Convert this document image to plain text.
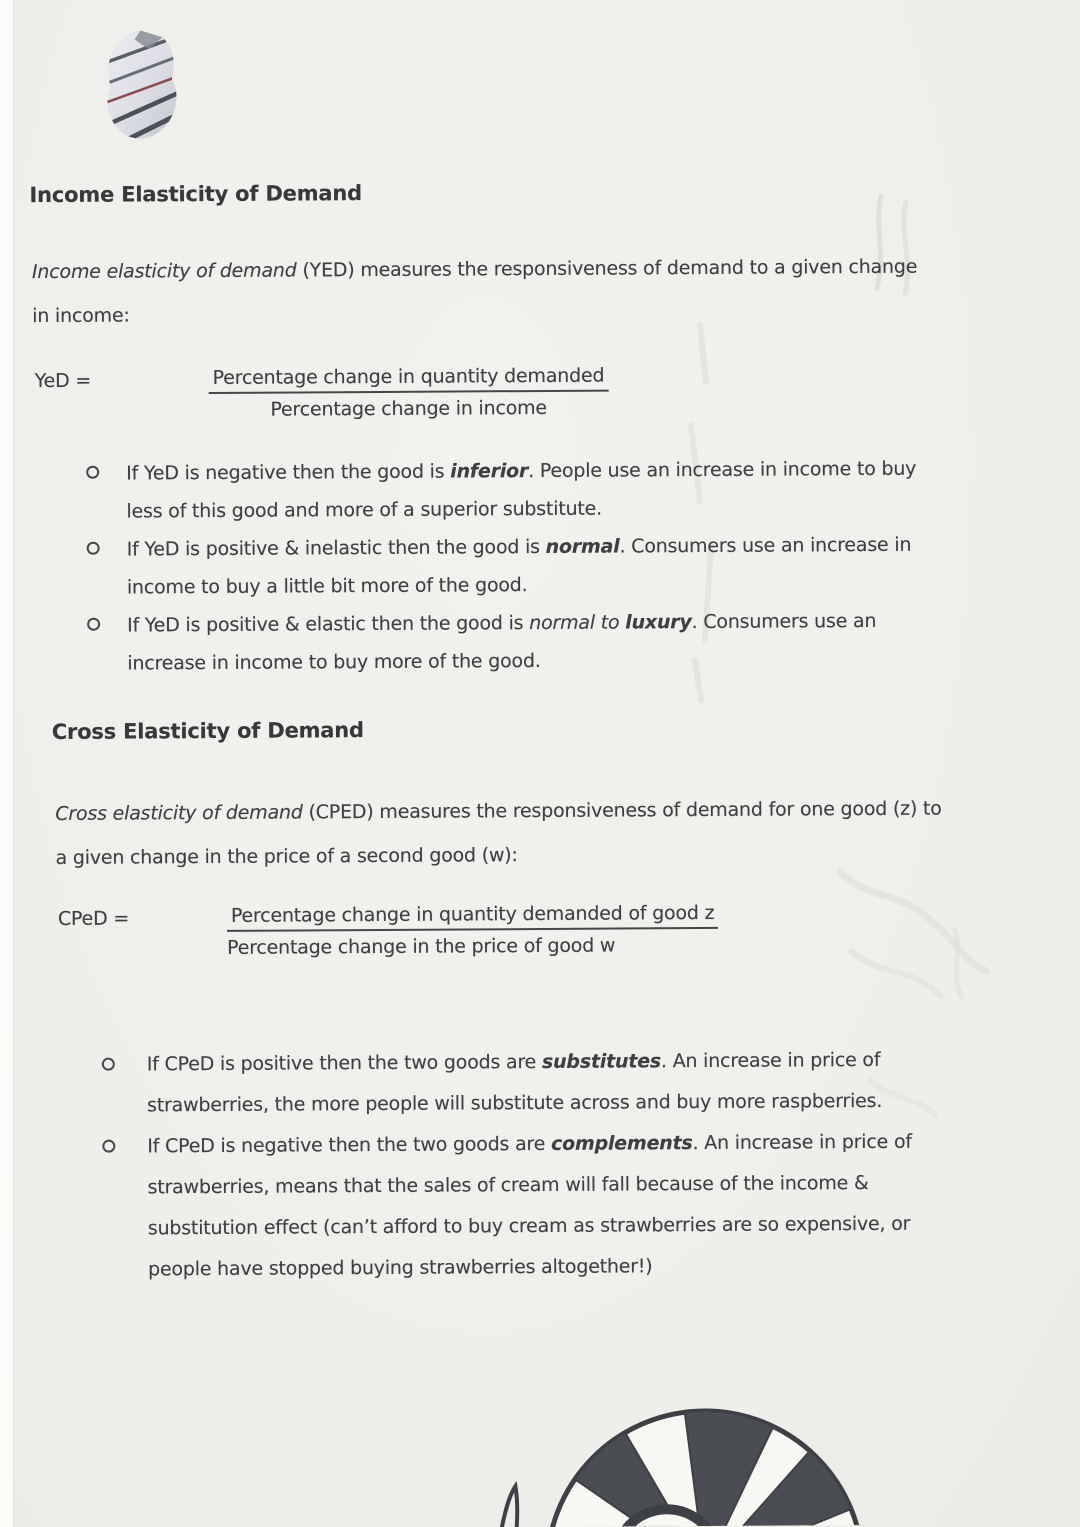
Income Elasticity of Demand
Income elasticity of demand (YED) measures the responsiveness of demand to a given change
in income:
YeD =	Percentage change in quantity demanded
Percentage change in income
If YeD is negative then the good is inferior. People use an increase in income to buy
less of this good and more of a superior substitute.
If YeD is positive & inelastic then the good is normal. Consumers use an increase in
income to buy a little bit more of the good.
If YeD is positive & elastic then the good is normal to luxury. Consumers use an
increase in income to buy more of the good.
Cross Elasticity of Demand
Cross elasticity of demand (CPED) measures the responsiveness of demand for one good (z) to
a given change in the price of a second good (w):
CPeD =	Percentage change in quantity demanded of good z
Percentage change in the price of good w
If CPeD is positive then the two goods are substitutes. An increase in price of
strawberries, the more people will substitute across and buy more raspberries.
If CPeD is negative then the two goods are complements. An increase in price of
strawberries, means that the sales of cream will fall because of the income &
substitution effect (can’t afford to buy cream as strawberries are so expensive, or
people have stopped buying strawberries altogether!)
